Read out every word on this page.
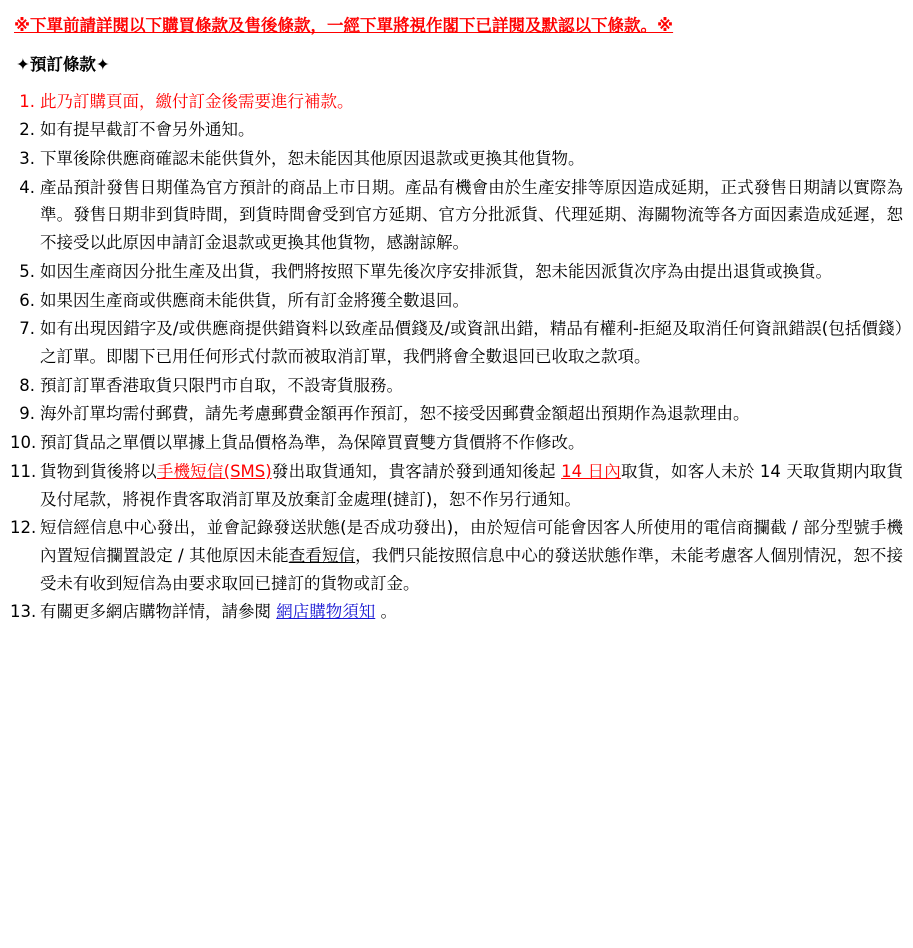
※下單前請詳閱以下購買條款及售後條款，一經下單將視作閣下已詳閱及默認以下條款。※
✦預訂條款✦
1. 此乃訂購頁面，繳付訂金後需要進行補款。
2. 如有提早截訂不會另外通知。
3. 下單後除供應商確認未能供貨外，恕未能因其他原因退款或更換其他貨物。
4. 產品預計發售日期僅為官方預計的商品上市日期。產品有機會由於生產安排等原因造成延期，正式發售日期請以實際為準。發售日期非到貨時間，到貨時間會受到官方延期、官方分批派貨、代理延期、海關物流等各方面因素造成延遲，恕不接受以此原因申請訂金退款或更換其他貨物，感謝諒解。
5. 如因生產商因分批生產及出貨，我們將按照下單先後次序安排派貨，恕未能因派貨次序為由提出退貨或換貨。
6. 如果因生產商或供應商未能供貨，所有訂金將獲全數退回。
7. 如有出現因錯字及/或供應商提供錯資料以致產品價錢及/或資訊出錯，精品有權利-拒絕及取消任何資訊錯誤(包括價錢）之訂單。即閣下已用任何形式付款而被取消訂單，我們將會全數退回已收取之款項。
8. 預訂訂單香港取貨只限門市自取，不設寄貨服務。
9. 海外訂單均需付郵費，請先考慮郵費金額再作預訂，恕不接受因郵費金額超出預期作為退款理由。
10. 預訂貨品之單價以單據上貨品價格為準，為保障買賣雙方貨價將不作修改。
11. 貨物到貨後將以手機短信(SMS)發出取貨通知，貴客請於發到通知後起 14 日內取貨，如客人未於 14 天取貨期内取貨及付尾款，將視作貴客取消訂單及放棄訂金處理(撻訂)，恕不作另行通知。
12. 短信經信息中心發出，並會記錄發送狀態(是否成功發出)，由於短信可能會因客人所使用的電信商攔截 / 部分型號手機內置短信攔置設定 / 其他原因未能查看短信，我們只能按照信息中心的發送狀態作準，未能考慮客人個別情況，恕不接受未有收到短信為由要求取回已撻訂的貨物或訂金。
13. 有關更多網店購物詳情，請參閱 網店購物須知 。
